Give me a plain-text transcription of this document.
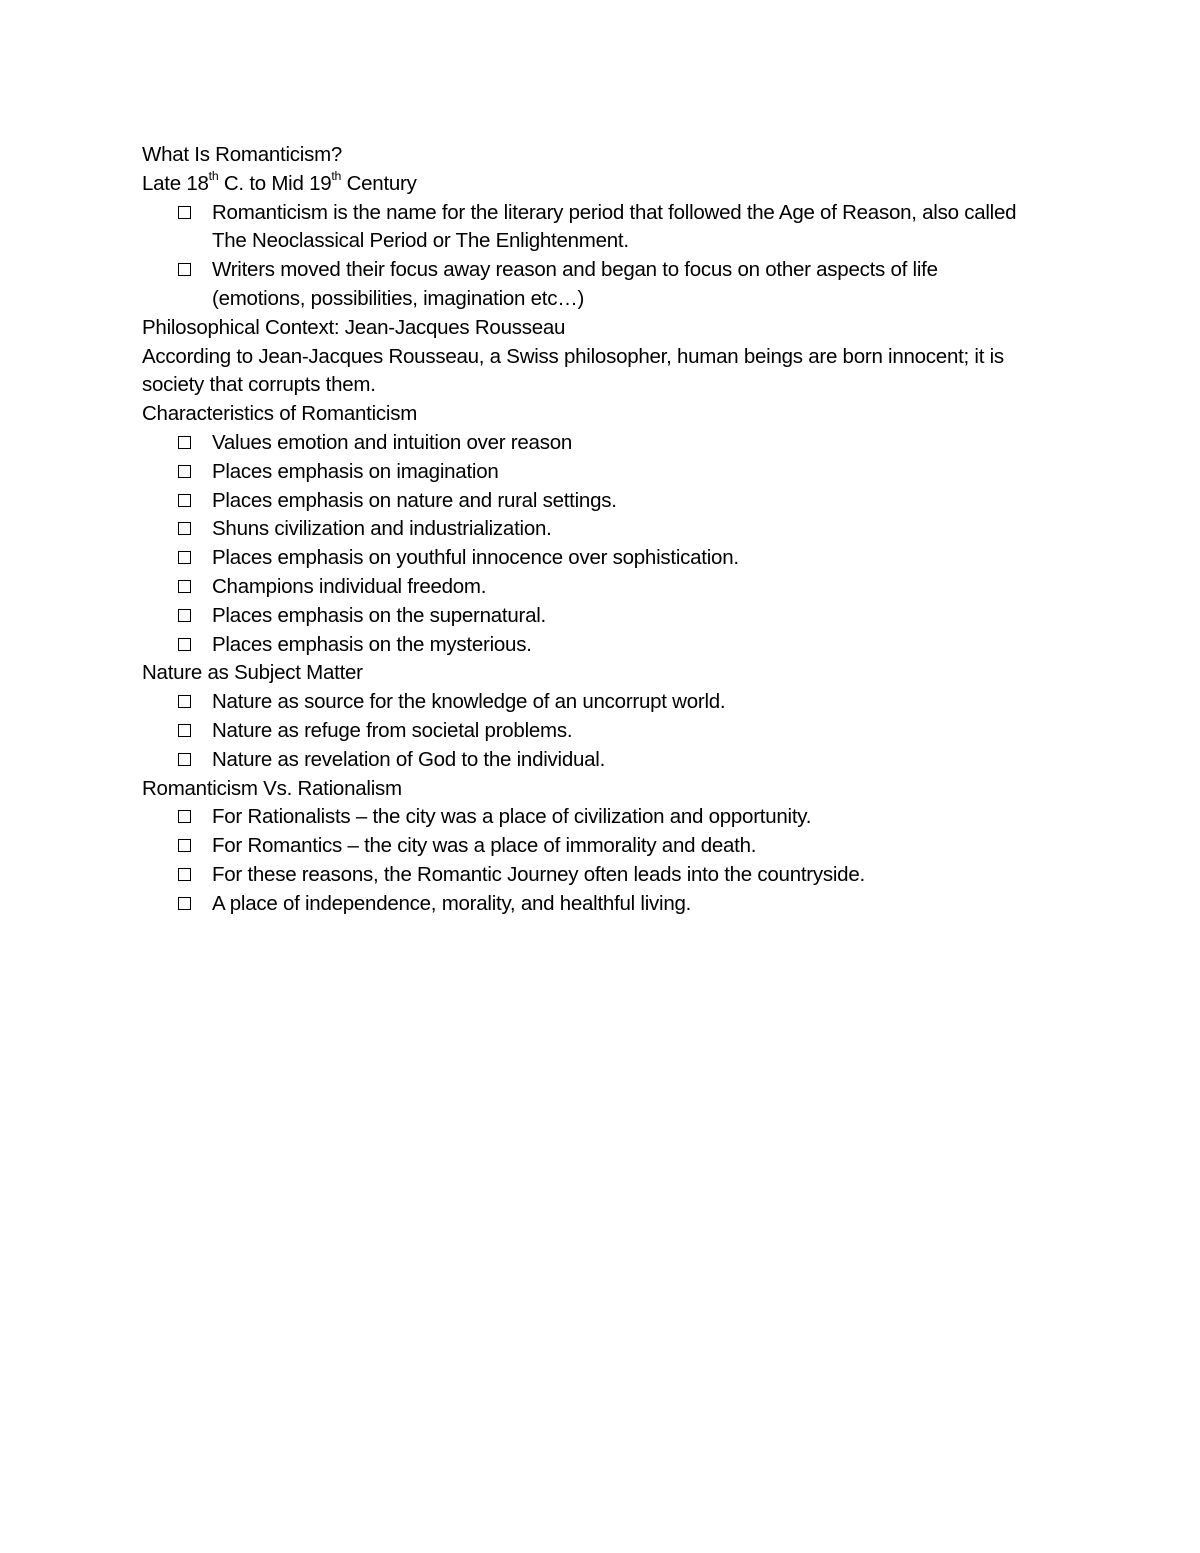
What Is Romanticism?

Late 18th C. to Mid 19th Century

Romanticism is the name for the literary period that followed the Age of Reason, also called The Neoclassical Period or The Enlightenment.
Writers moved their focus away reason and began to focus on other aspects of life (emotions, possibilities, imagination etc…)

Philosophical Context: Jean-Jacques Rousseau

According to Jean-Jacques Rousseau, a Swiss philosopher, human beings are born innocent; it is society that corrupts them.

Characteristics of Romanticism

Values emotion and intuition over reason
Places emphasis on imagination
Places emphasis on nature and rural settings.
Shuns civilization and industrialization.
Places emphasis on youthful innocence over sophistication.
Champions individual freedom.
Places emphasis on the supernatural.
Places emphasis on the mysterious.

Nature as Subject Matter

Nature as source for the knowledge of an uncorrupt world.
Nature as refuge from societal problems.
Nature as revelation of God to the individual.

Romanticism Vs. Rationalism

For Rationalists – the city was a place of civilization and opportunity.
For Romantics – the city was a place of immorality and death.
For these reasons, the Romantic Journey often leads into the countryside.
A place of independence, morality, and healthful living.
